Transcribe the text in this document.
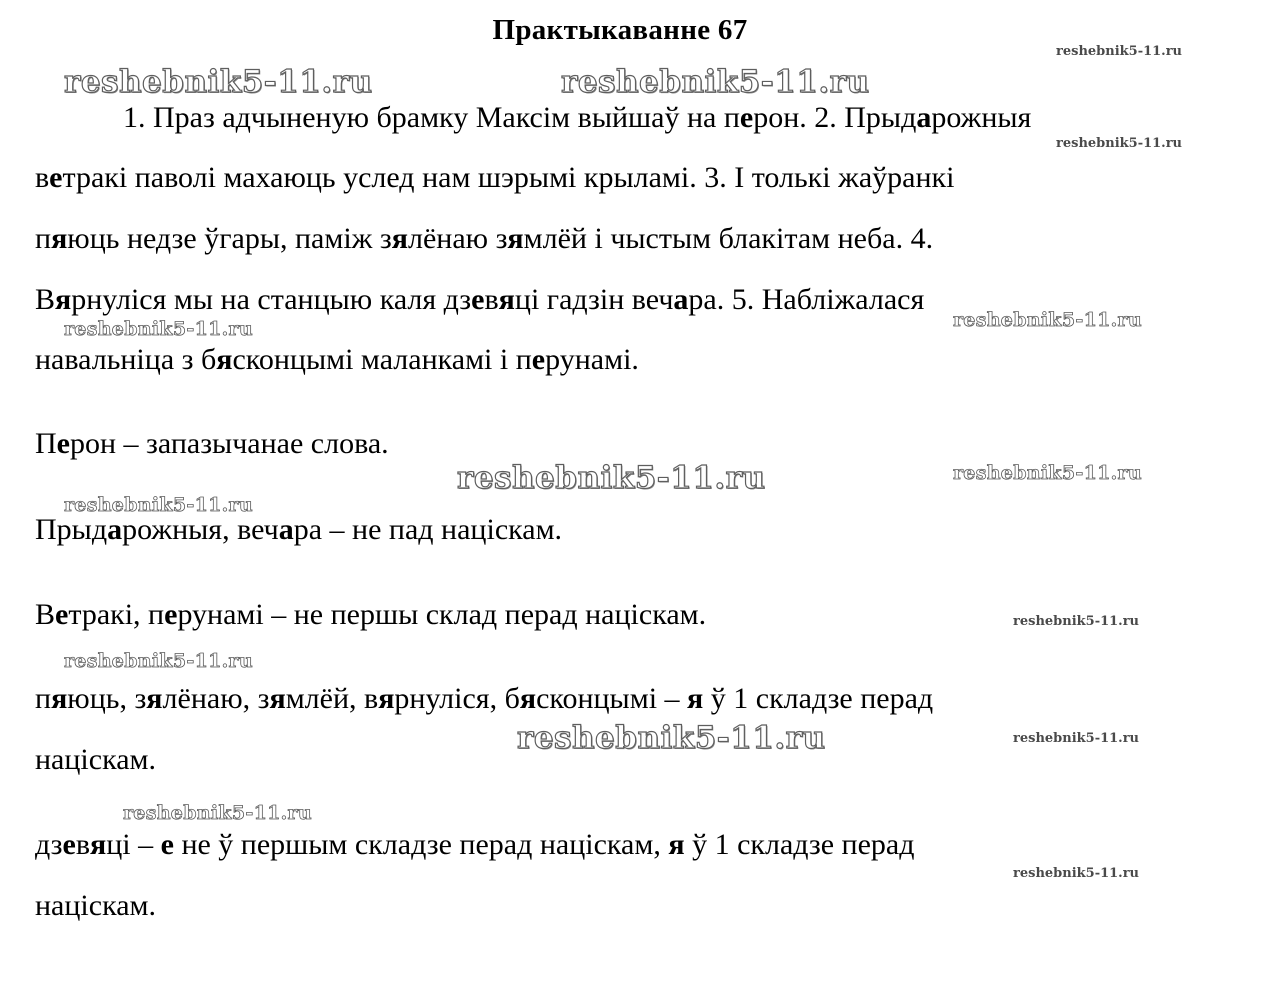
Практыкаванне 67
1. Праз адчыненую брамку Максім выйшаў на перон. 2. Прыдарожныя
ветракі паволі махаюць услед нам шэрымі крыламі. 3. І толькі жаўранкі
пяюць недзе ўгары, паміж зялёнаю зямлёй і чыстым блакітам неба. 4.
Вярнуліся мы на станцыю каля дзевяці гадзін вечара. 5. Набліжалася
навальніца з бясконцымі маланкамі і перунамі.
Перон – запазычанае слова.
Прыдарожныя, вечара – не пад націскам.
Ветракі, перунамі – не першы склад перад націскам.
пяюць, зялёнаю, зямлёй, вярнуліся, бясконцымі – я ў 1 складзе перад
націскам.
дзевяці – е не ў першым складзе перад націскам, я ў 1 складзе перад
націскам.
reshebnik5-11.ru	reshebnik5-11.ru
reshebnik5-11.ru
reshebnik5-11.ru
reshebnik5-11.ru	reshebnik5-11.ru
reshebnik5-11.ru	reshebnik5-11.ru
reshebnik5-11.ru
reshebnik5-11.ru
reshebnik5-11.ru
reshebnik5-11.ru	reshebnik5-11.ru
reshebnik5-11.ru
reshebnik5-11.ru
